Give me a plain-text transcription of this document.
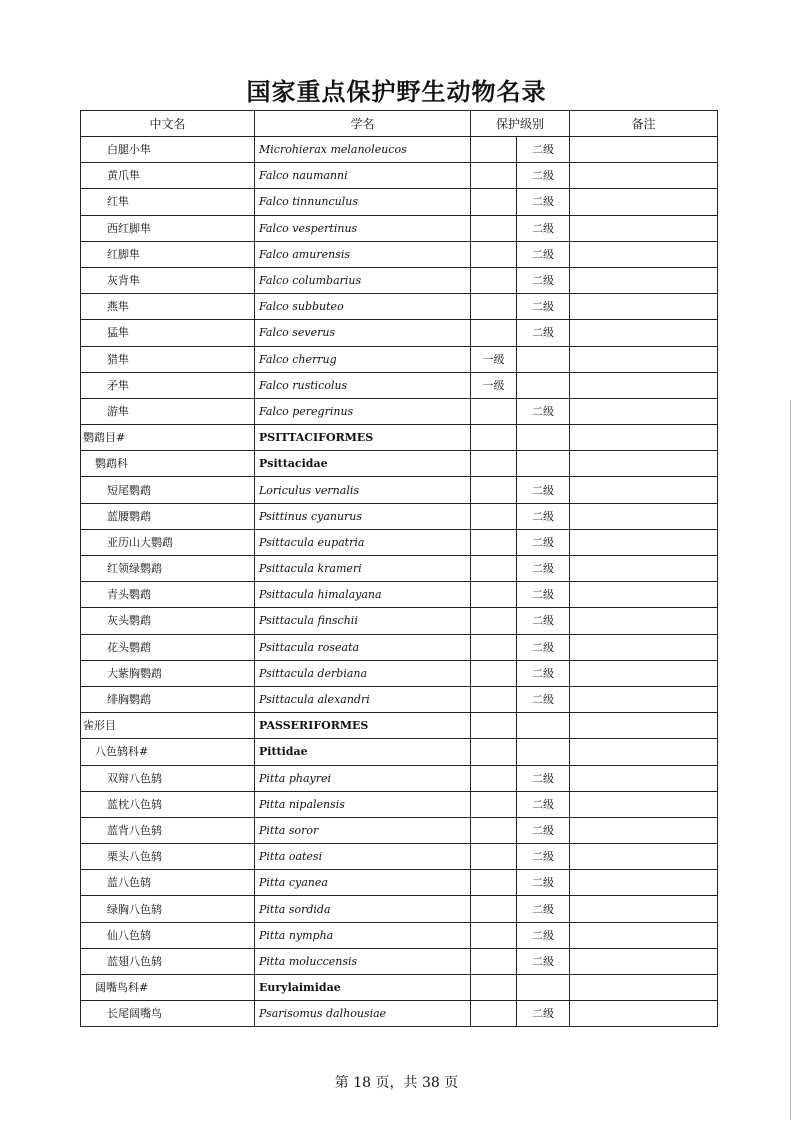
国家重点保护野生动物名录
中文名	学名	保护级别		备注
白腿小隼	Microhierax melanoleucos		二级	
黄爪隼	Falco naumanni		二级	
红隼	Falco tinnunculus		二级	
西红脚隼	Falco vespertinus		二级	
红脚隼	Falco amurensis		二级	
灰背隼	Falco columbarius		二级	
燕隼	Falco subbuteo		二级	
猛隼	Falco severus		二级	
猎隼	Falco cherrug	一级		
矛隼	Falco rusticolus	一级		
游隼	Falco peregrinus		二级	
鹦鹉目#	PSITTACIFORMES			
鹦鹉科	Psittacidae			
短尾鹦鹉	Loriculus vernalis		二级	
蓝腰鹦鹉	Psittinus cyanurus		二级	
亚历山大鹦鹉	Psittacula eupatria		二级	
红领绿鹦鹉	Psittacula krameri		二级	
青头鹦鹉	Psittacula himalayana		二级	
灰头鹦鹉	Psittacula finschii		二级	
花头鹦鹉	Psittacula roseata		二级	
大紫胸鹦鹉	Psittacula derbiana		二级	
绯胸鹦鹉	Psittacula alexandri		二级	
雀形目	PASSERIFORMES			
八色鸫科#	Pittidae			
双辩八色鸫	Pitta phayrei		二级	
蓝枕八色鸫	Pitta nipalensis		二级	
蓝背八色鸫	Pitta soror		二级	
栗头八色鸫	Pitta oatesi		二级	
蓝八色鸫	Pitta cyanea		二级	
绿胸八色鸫	Pitta sordida		二级	
仙八色鸫	Pitta nympha		二级	
蓝翅八色鸫	Pitta moluccensis		二级	
阔嘴鸟科#	Eurylaimidae			
长尾阔嘴鸟	Psarisomus dalhousiae		二级	
第 18 页，共 38 页
